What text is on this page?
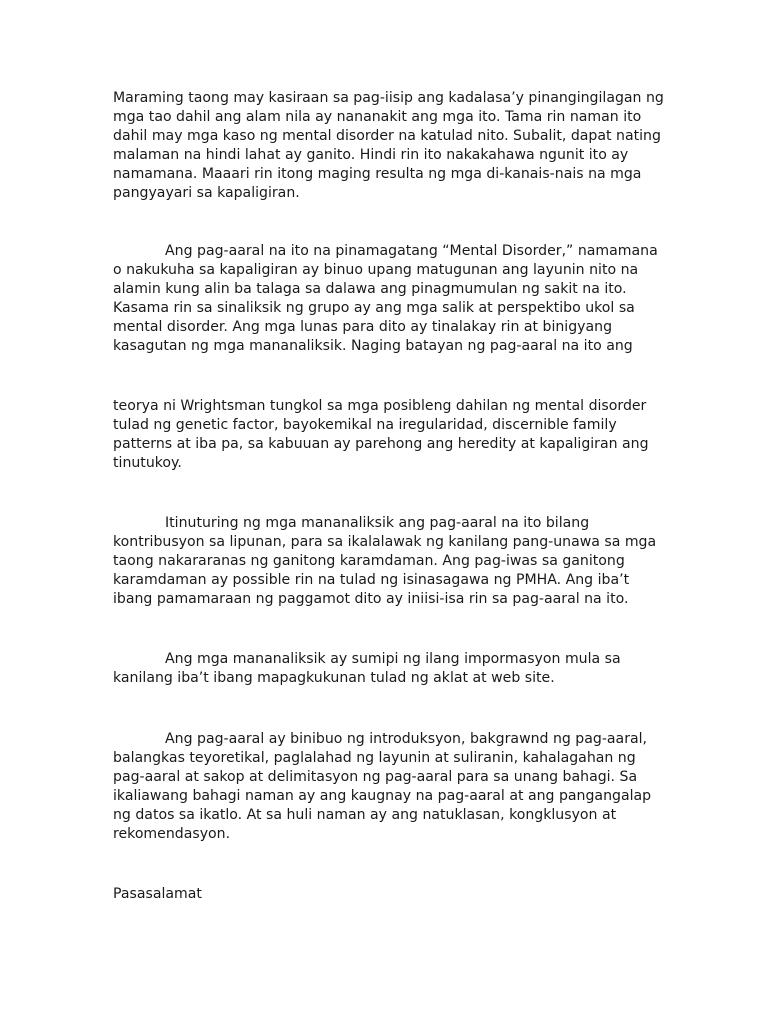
Maraming taong may kasiraan sa pag-iisip ang kadalasa’y pinangingilagan ng

mga tao dahil ang alam nila ay nananakit ang mga ito. Tama rin naman ito

dahil may mga kaso ng mental disorder na katulad nito. Subalit, dapat nating

malaman na hindi lahat ay ganito. Hindi rin ito nakakahawa ngunit ito ay

namamana. Maaari rin itong maging resulta ng mga di-kanais-nais na mga

pangyayari sa kapaligiran.

Ang pag-aaral na ito na pinamagatang “Mental Disorder,” namamana

o nakukuha sa kapaligiran ay binuo upang matugunan ang layunin nito na

alamin kung alin ba talaga sa dalawa ang pinagmumulan ng sakit na ito.

Kasama rin sa sinaliksik ng grupo ay ang mga salik at perspektibo ukol sa

mental disorder. Ang mga lunas para dito ay tinalakay rin at binigyang

kasagutan ng mga mananaliksik. Naging batayan ng pag-aaral na ito ang

teorya ni Wrightsman tungkol sa mga posibleng dahilan ng mental disorder

tulad ng genetic factor, bayokemikal na iregularidad, discernible family

patterns at iba pa, sa kabuuan ay parehong ang heredity at kapaligiran ang

tinutukoy.

Itinuturing ng mga mananaliksik ang pag-aaral na ito bilang

kontribusyon sa lipunan, para sa ikalalawak ng kanilang pang-unawa sa mga

taong nakararanas ng ganitong karamdaman. Ang pag-iwas sa ganitong

karamdaman ay possible rin na tulad ng isinasagawa ng PMHA. Ang iba’t

ibang pamamaraan ng paggamot dito ay iniisi-isa rin sa pag-aaral na ito.

Ang mga mananaliksik ay sumipi ng ilang impormasyon mula sa

kanilang iba’t ibang mapagkukunan tulad ng aklat at web site.

Ang pag-aaral ay binibuo ng introduksyon, bakgrawnd ng pag-aaral,

balangkas teyoretikal, paglalahad ng layunin at suliranin, kahalagahan ng

pag-aaral at sakop at delimitasyon ng pag-aaral para sa unang bahagi. Sa

ikaliawang bahagi naman ay ang kaugnay na pag-aaral at ang pangangalap

ng datos sa ikatlo. At sa huli naman ay ang natuklasan, kongklusyon at

rekomendasyon.

Pasasalamat
